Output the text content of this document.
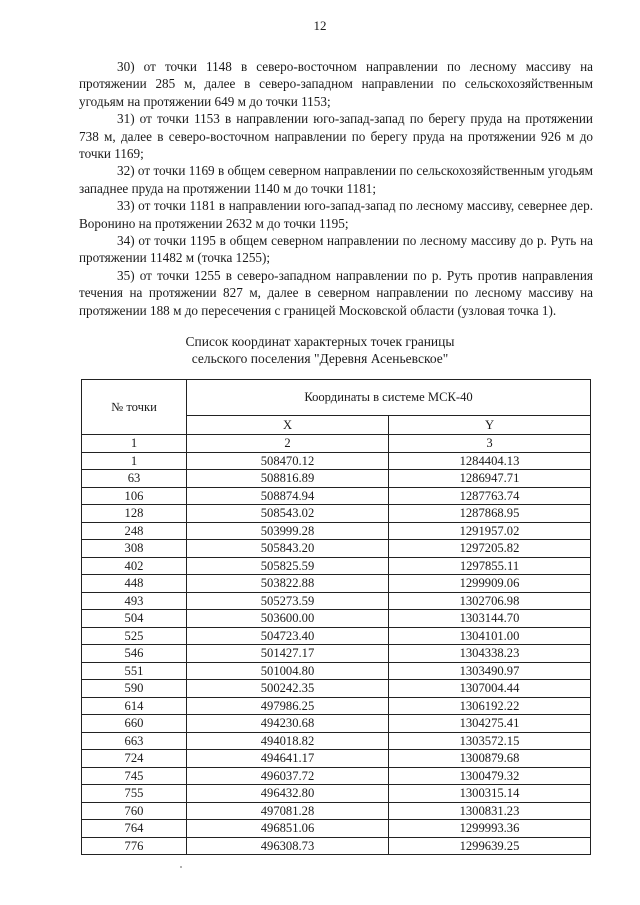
12

30) от точки 1148 в северо-восточном направлении по лесному массиву на протяжении 285 м, далее в северо-западном направлении по сельскохозяйственным угодьям на протяжении 649 м до точки 1153;

31) от точки 1153 в направлении юго-запад-запад по берегу пруда на протяжении 738 м, далее в северо-восточном направлении по берегу пруда на протяжении 926 м до точки 1169;

32) от точки 1169 в общем северном направлении по сельскохозяйственным угодьям западнее пруда на протяжении 1140 м до точки 1181;

33) от точки 1181 в направлении юго-запад-запад по лесному массиву, севернее дер. Воронино на протяжении 2632 м до точки 1195;

34) от точки 1195 в общем северном направлении по лесному массиву до р. Руть на протяжении 11482 м (точка 1255);

35) от точки 1255 в северо-западном направлении по р. Руть против направления течения на протяжении 827 м, далее в северном направлении по лесному массиву на протяжении 188 м до пересечения с границей Московской области (узловая точка 1).

Список координат характерных точек границы
сельского поселения "Деревня Асеньевское"
№ точки	Координаты в системе МСК-40	
	X	Y
1	2	3
1	508470.12	1284404.13
63	508816.89	1286947.71
106	508874.94	1287763.74
128	508543.02	1287868.95
248	503999.28	1291957.02
308	505843.20	1297205.82
402	505825.59	1297855.11
448	503822.88	1299909.06
493	505273.59	1302706.98
504	503600.00	1303144.70
525	504723.40	1304101.00
546	501427.17	1304338.23
551	501004.80	1303490.97
590	500242.35	1307004.44
614	497986.25	1306192.22
660	494230.68	1304275.41
663	494018.82	1303572.15
724	494641.17	1300879.68
745	496037.72	1300479.32
755	496432.80	1300315.14
760	497081.28	1300831.23
764	496851.06	1299993.36
776	496308.73	1299639.25
